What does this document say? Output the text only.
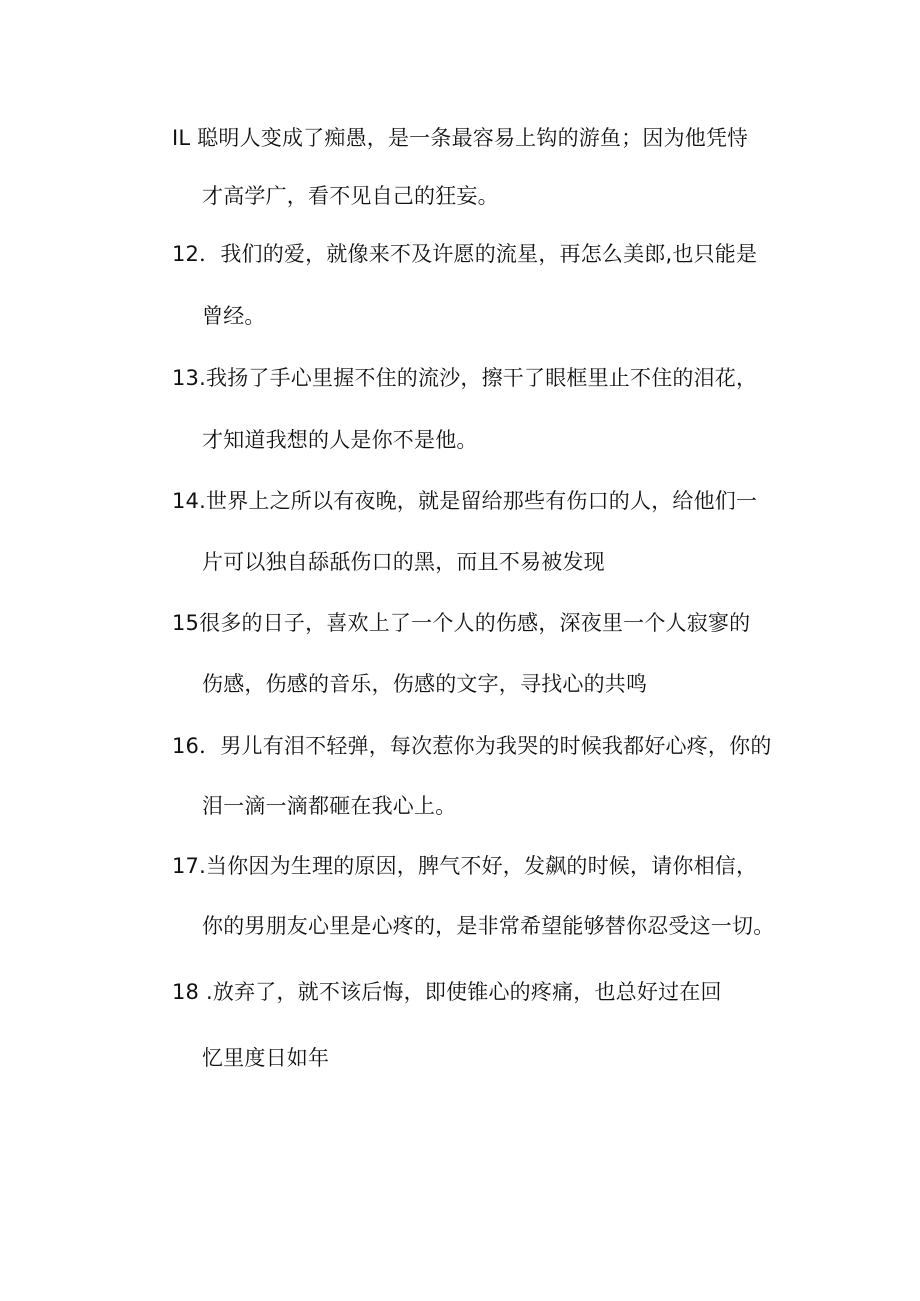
IL 聪明人变成了痴愚，是一条最容易上钩的游鱼；因为他凭恃
才高学广，看不见自己的狂妄。
12．我们的爱，就像来不及许愿的流星，再怎么美郎,也只能是
曾经。
13.我扬了手心里握不住的流沙，擦干了眼框里止不住的泪花，
才知道我想的人是你不是他。
14.世界上之所以有夜晚，就是留给那些有伤口的人，给他们一
片可以独自舔舐伤口的黑，而且不易被发现
15很多的日子，喜欢上了一个人的伤感，深夜里一个人寂寥的
伤感，伤感的音乐，伤感的文字，寻找心的共鸣
16．男儿有泪不轻弹，每次惹你为我哭的时候我都好心疼，你的
泪一滴一滴都砸在我心上。
17.当你因为生理的原因，脾气不好，发飙的时候，请你相信，
你的男朋友心里是心疼的，是非常希望能够替你忍受这一切。
18 .放弃了，就不该后悔，即使锥心的疼痛，也总好过在回
忆里度日如年
